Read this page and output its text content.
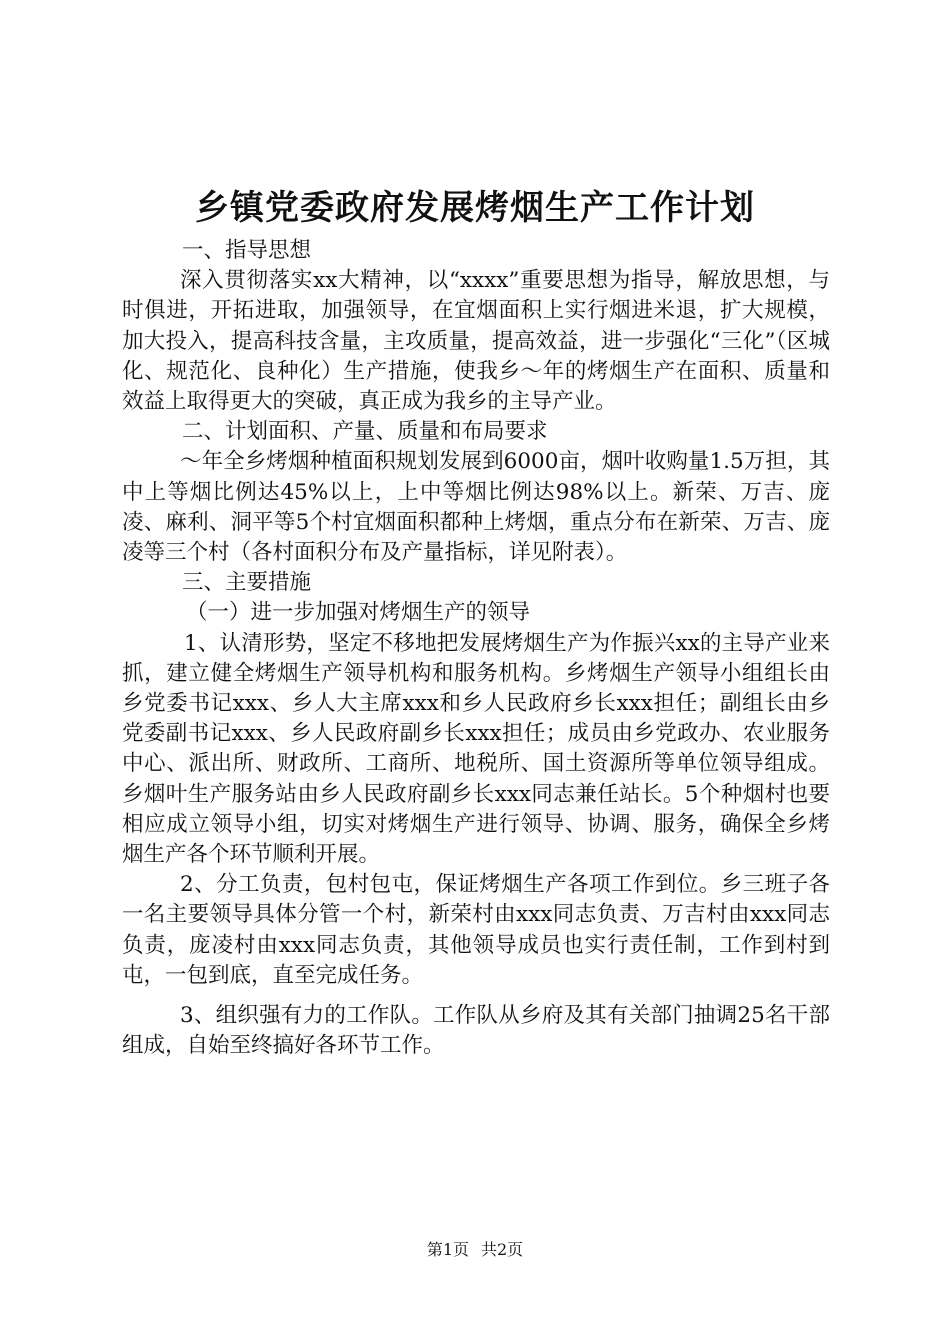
乡镇党委政府发展烤烟生产工作计划

一、指导思想

深入贯彻落实xx大精神，以“xxxx”重要思想为指导，解放思想，与时俱进，开拓进取，加强领导，在宜烟面积上实行烟进米退，扩大规模，加大投入，提高科技含量，主攻质量，提高效益，进一步强化“三化”（区城化、规范化、良种化）生产措施，使我乡～年的烤烟生产在面积、质量和效益上取得更大的突破，真正成为我乡的主导产业。

二、计划面积、产量、质量和布局要求

～年全乡烤烟种植面积规划发展到6000亩，烟叶收购量1.5万担，其中上等烟比例达45%以上，上中等烟比例达98%以上。新荣、万吉、庞凌、麻利、洞平等5个村宜烟面积都种上烤烟，重点分布在新荣、万吉、庞凌等三个村（各村面积分布及产量指标，详见附表）。

三、主要措施

（一）进一步加强对烤烟生产的领导

1、认清形势，坚定不移地把发展烤烟生产为作振兴xx的主导产业来抓，建立健全烤烟生产领导机构和服务机构。乡烤烟生产领导小组组长由乡党委书记xxx、乡人大主席xxx和乡人民政府乡长xxx担任；副组长由乡党委副书记xxx、乡人民政府副乡长xxx担任；成员由乡党政办、农业服务中心、派出所、财政所、工商所、地税所、国土资源所等单位领导组成。乡烟叶生产服务站由乡人民政府副乡长xxx同志兼任站长。5个种烟村也要相应成立领导小组，切实对烤烟生产进行领导、协调、服务，确保全乡烤烟生产各个环节顺利开展。

2、分工负责，包村包屯，保证烤烟生产各项工作到位。乡三班子各一名主要领导具体分管一个村，新荣村由xxx同志负责、万吉村由xxx同志负责，庞凌村由xxx同志负责，其他领导成员也实行责任制，工作到村到屯，一包到底，直至完成任务。

3、组织强有力的工作队。工作队从乡府及其有关部门抽调25名干部组成，自始至终搞好各环节工作。

第1页 共2页
